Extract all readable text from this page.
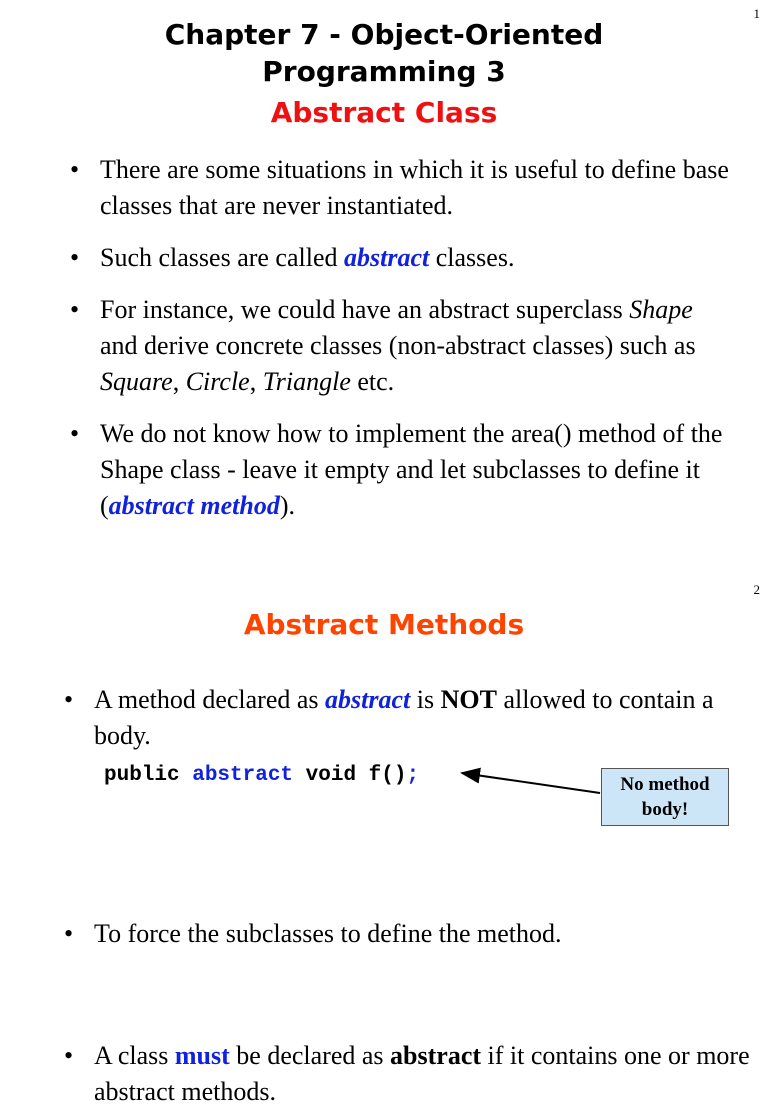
1
Chapter 7 - Object-Oriented
Programming 3
Abstract Class
• There are some situations in which it is useful to define base classes that are never instantiated.
• Such classes are called abstract classes.
• For instance, we could have an abstract superclass Shape and derive concrete classes (non-abstract classes) such as Square, Circle, Triangle etc.
• We do not know how to implement the area() method of the Shape class - leave it empty and let subclasses to define it (abstract method).
2
Abstract Methods
• A method declared as abstract is NOT allowed to contain a body.
public abstract void f();	No method body!
• To force the subclasses to define the method.
• A class must be declared as abstract if it contains one or more abstract methods.
